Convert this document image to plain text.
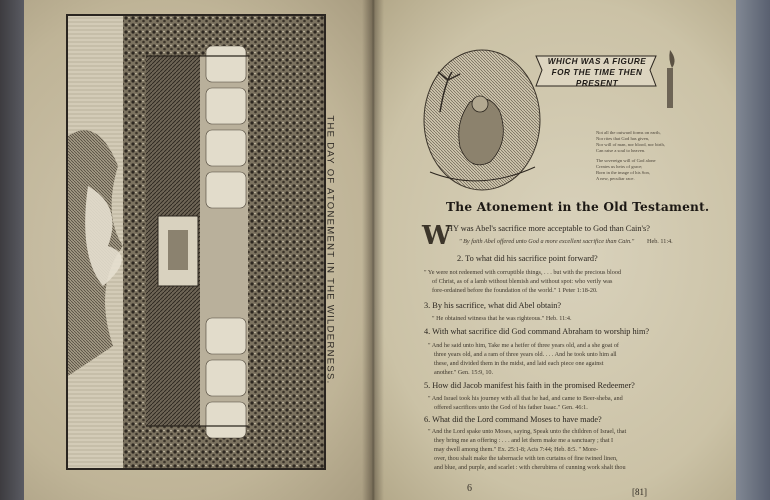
THE DAY OF ATONEMENT IN THE WILDERNESS.
6
WHICH WAS A FIGURE
FOR THE TIME THEN PRESENT
Not all the outward forms on earth,
Nor rites that God has given,
Nor will of man, nor blood, nor birth,
Can raise a soul to heaven.
The sovereign will of God alone
Creates us heirs of grace;
Born in the image of his Son,
A new, peculiar race.
The Atonement in the Old Testament.
W
HY was Abel's sacrifice more acceptable to God than Cain's?
" By faith Abel offered unto God a more excellent sacrifice than Cain." Heb. 11:4.
2. To what did his sacrifice point forward?
" Ye were not redeemed with corruptible things, . . . but with the precious blood
of Christ, as of a lamb without blemish and without spot: who verily was
fore-ordained before the foundation of the world." 1 Peter 1:18-20.
3. By his sacrifice, what did Abel obtain?
" He obtained witness that he was righteous." Heb. 11:4.
4. With what sacrifice did God command Abraham to worship him?
" And he said unto him, Take me a heifer of three years old, and a she goat of
three years old, and a ram of three years old. . . . And he took unto him all
these, and divided them in the midst, and laid each piece one against
another." Gen. 15:9, 10.
5. How did Jacob manifest his faith in the promised Redeemer?
" And Israel took his journey with all that he had, and came to Beer-sheba, and
offered sacrifices unto the God of his father Isaac." Gen. 46:1.
6. What did the Lord command Moses to have made?
" And the Lord spake unto Moses, saying, Speak unto the children of Israel, that
they bring me an offering : . . . and let them make me a sanctuary ; that I
may dwell among them." Ex. 25:1-8; Acts 7:44; Heb. 8:5. " More-
over, thou shalt make the tabernacle with ten curtains of fine twined linen,
and blue, and purple, and scarlet : with cherubims of cunning work shalt thou
[81]
